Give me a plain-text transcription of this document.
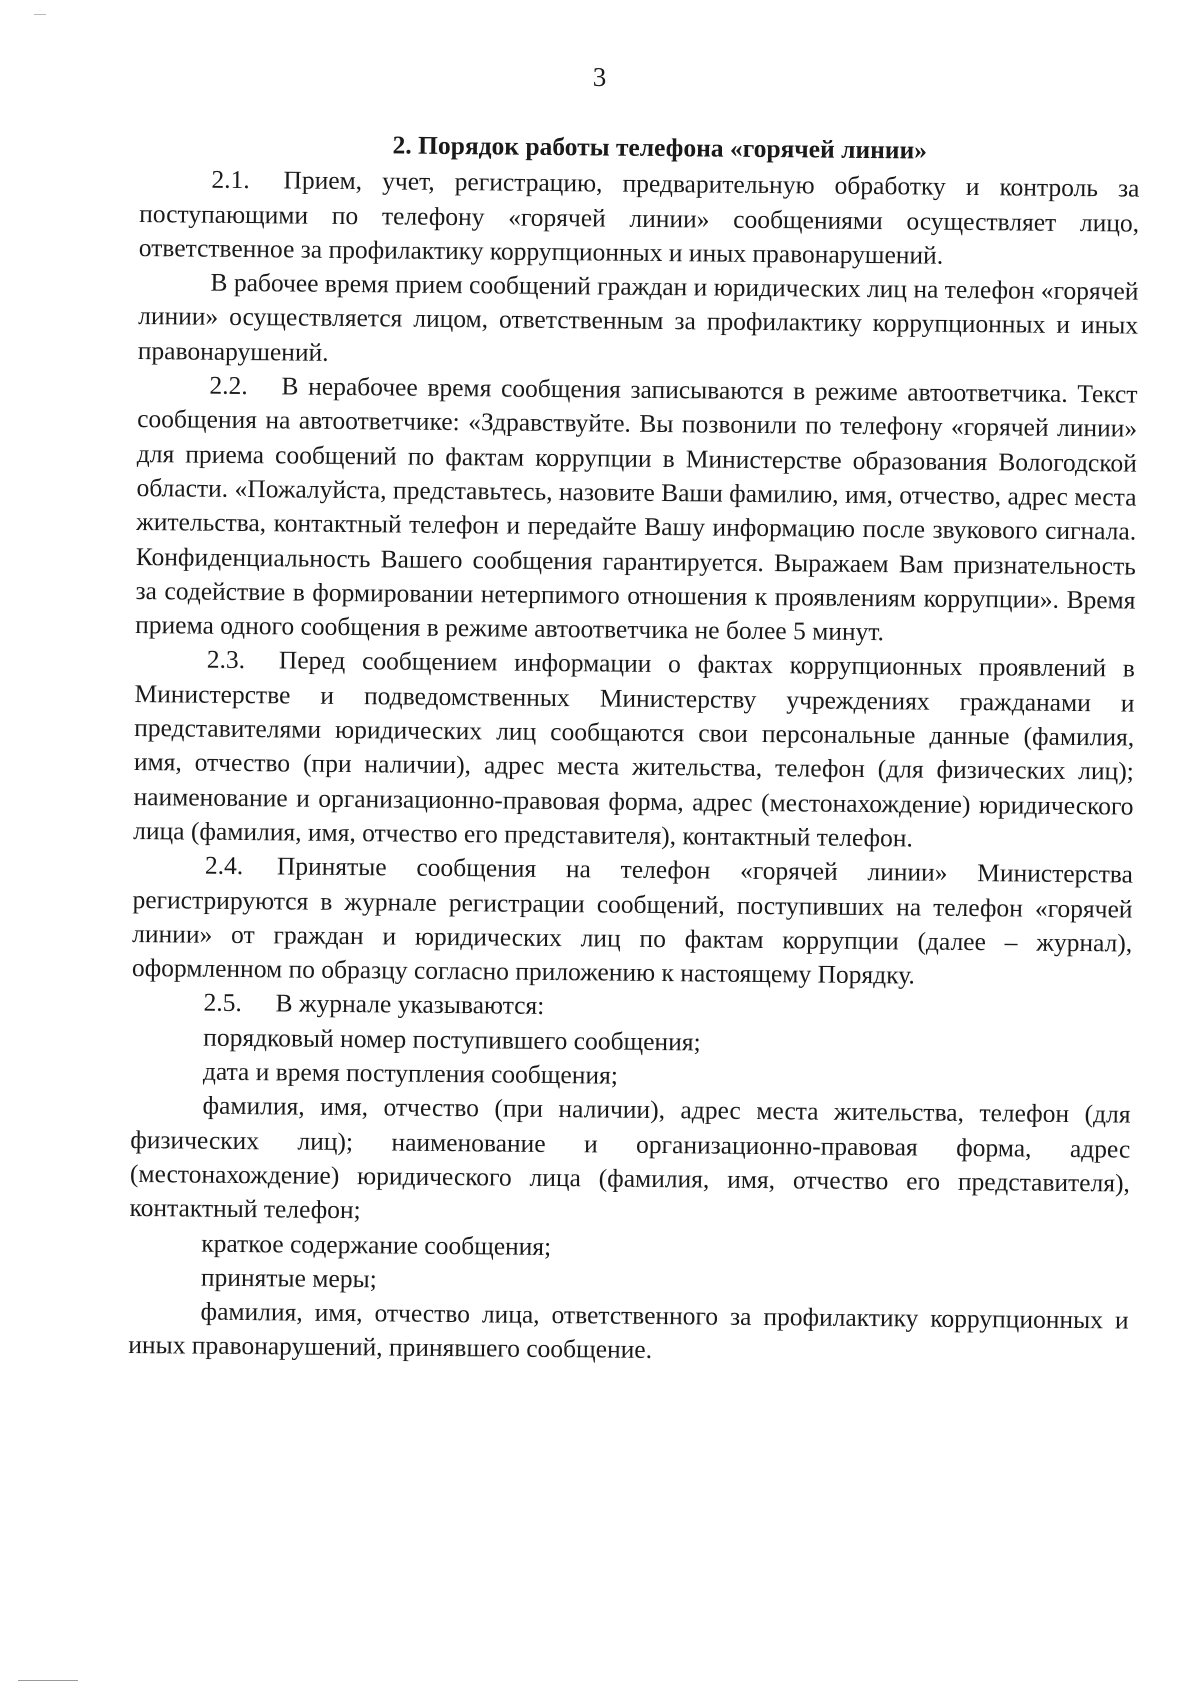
3

2. Порядок работы телефона «горячей линии»

2.1. Прием, учет, регистрацию, предварительную обработку и контроль за поступающими по телефону «горячей линии» сообщениями осуществляет лицо, ответственное за профилактику коррупционных и иных правонарушений.

В рабочее время прием сообщений граждан и юридических лиц на телефон «горячей линии» осуществляется лицом, ответственным за профилактику коррупционных и иных правонарушений.

2.2. В нерабочее время сообщения записываются в режиме автоответчика. Текст сообщения на автоответчике: «Здравствуйте. Вы позвонили по телефону «горячей линии» для приема сообщений по фактам коррупции в Министерстве образования Вологодской области. «Пожалуйста, представьтесь, назовите Ваши фамилию, имя, отчество, адрес места жительства, контактный телефон и передайте Вашу информацию после звукового сигнала. Конфиденциальность Вашего сообщения гарантируется. Выражаем Вам признательность за содействие в формировании нетерпимого отношения к проявлениям коррупции». Время приема одного сообщения в режиме автоответчика не более 5 минут.

2.3. Перед сообщением информации о фактах коррупционных проявлений в Министерстве и подведомственных Министерству учреждениях гражданами и представителями юридических лиц сообщаются свои персональные данные (фамилия, имя, отчество (при наличии), адрес места жительства, телефон (для физических лиц); наименование и организационно-правовая форма, адрес (местонахождение) юридического лица (фамилия, имя, отчество его представителя), контактный телефон.

2.4. Принятые сообщения на телефон «горячей линии» Министерства регистрируются в журнале регистрации сообщений, поступивших на телефон «горячей линии» от граждан и юридических лиц по фактам коррупции (далее – журнал), оформленном по образцу согласно приложению к настоящему Порядку.

2.5. В журнале указываются:

порядковый номер поступившего сообщения;

дата и время поступления сообщения;

фамилия, имя, отчество (при наличии), адрес места жительства, телефон (для физических лиц); наименование и организационно-правовая форма, адрес (местонахождение) юридического лица (фамилия, имя, отчество его представителя), контактный телефон;

краткое содержание сообщения;

принятые меры;

фамилия, имя, отчество лица, ответственного за профилактику коррупционных и иных правонарушений, принявшего сообщение.
